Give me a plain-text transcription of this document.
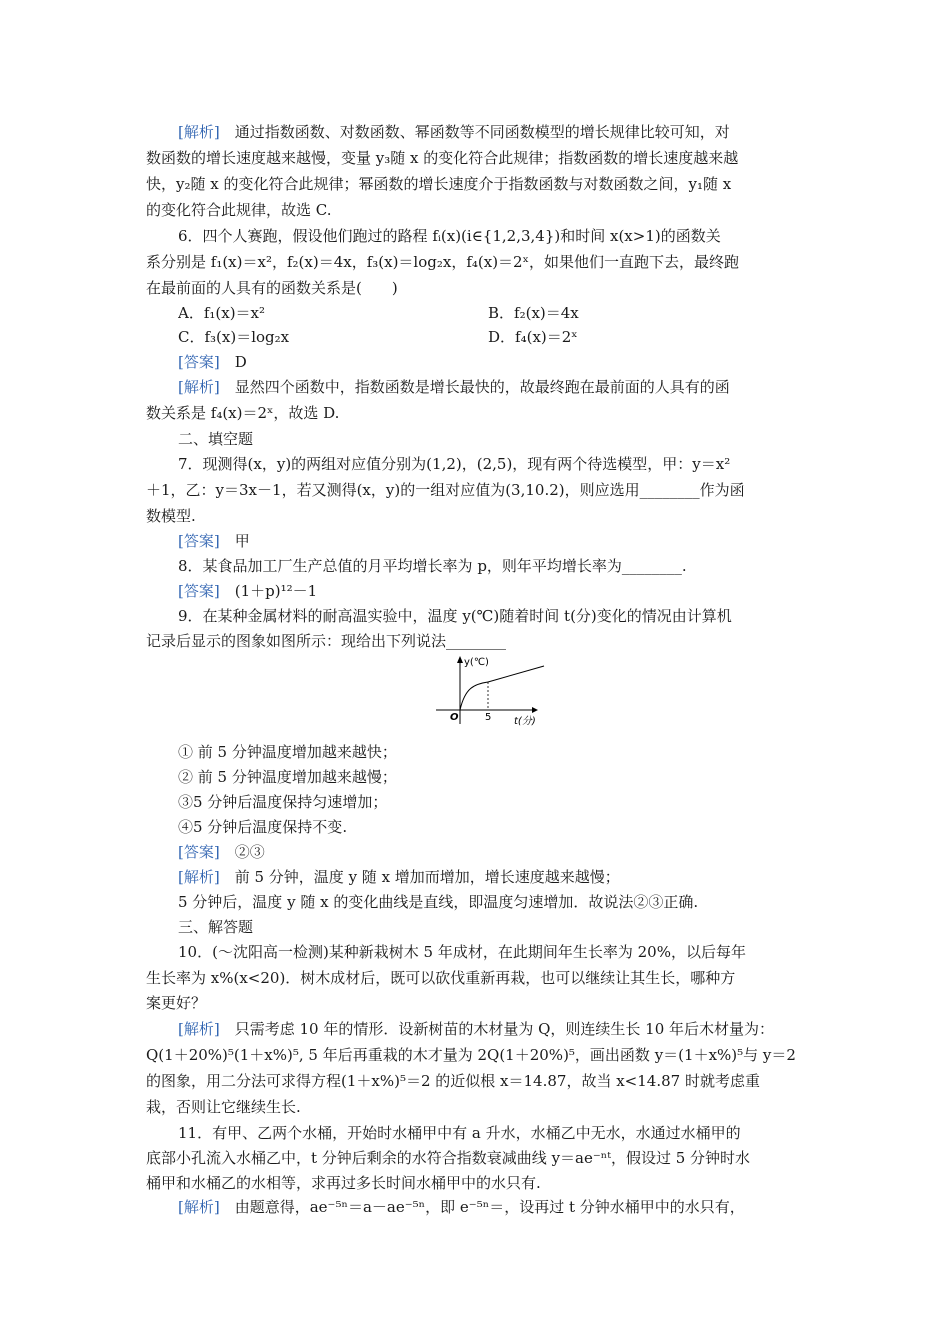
[解析]　通过指数函数、对数函数、幂函数等不同函数模型的增长规律比较可知，对
数函数的增长速度越来越慢，变量 y₃随 x 的变化符合此规律；指数函数的增长速度越来越
快，y₂随 x 的变化符合此规律；幂函数的增长速度介于指数函数与对数函数之间，y₁随 x
的变化符合此规律，故选 C.
6．四个人赛跑，假设他们跑过的路程 fᵢ(x)(i∈{1,2,3,4})和时间 x(x>1)的函数关
系分别是 f₁(x)＝x²，f₂(x)＝4x，f₃(x)＝log₂x，f₄(x)＝2ˣ，如果他们一直跑下去，最终跑
在最前面的人具有的函数关系是(　　)
A．f₁(x)＝x²	B．f₂(x)＝4x
C．f₃(x)＝log₂x	D．f₄(x)＝2ˣ
[答案]　D
[解析]　显然四个函数中，指数函数是增长最快的，故最终跑在最前面的人具有的函
数关系是 f₄(x)＝2ˣ，故选 D.
二、填空题
7．现测得(x，y)的两组对应值分别为(1,2)，(2,5)，现有两个待选模型，甲：y＝x²
＋1，乙：y＝3x－1，若又测得(x，y)的一组对应值为(3,10.2)，则应选用________作为函
数模型.
[答案]　甲
8．某食品加工厂生产总值的月平均增长率为 p，则年平均增长率为________.
[答案]　(1＋p)¹²－1
9．在某种金属材料的耐高温实验中，温度 y(℃)随着时间 t(分)变化的情况由计算机
记录后显示的图象如图所示：现给出下列说法________
y(℃)
t(分)
O	5
① 前 5 分钟温度增加越来越快；
② 前 5 分钟温度增加越来越慢；
③5 分钟后温度保持匀速增加；
④5 分钟后温度保持不变.
[答案]　②③
[解析]　前 5 分钟，温度 y 随 x 增加而增加，增长速度越来越慢；
5 分钟后，温度 y 随 x 的变化曲线是直线，即温度匀速增加．故说法②③正确.
三、解答题
10．(～沈阳高一检测)某种新栽树木 5 年成材，在此期间年生长率为 20%，以后每年
生长率为 x%(x<20)．树木成材后，既可以砍伐重新再栽，也可以继续让其生长，哪种方
案更好？
[解析]　只需考虑 10 年的情形．设新树苗的木材量为 Q，则连续生长 10 年后木材量为：
Q(1＋20%)⁵(1＋x%)⁵, 5 年后再重栽的木才量为 2Q(1＋20%)⁵，画出函数 y＝(1＋x%)⁵与 y＝2
的图象，用二分法可求得方程(1＋x%)⁵＝2 的近似根 x＝14.87，故当 x<14.87 时就考虑重
栽，否则让它继续生长.
11．有甲、乙两个水桶，开始时水桶甲中有 a 升水，水桶乙中无水，水通过水桶甲的
底部小孔流入水桶乙中，t 分钟后剩余的水符合指数衰减曲线 y＝ae⁻ⁿᵗ，假设过 5 分钟时水
桶甲和水桶乙的水相等，求再过多长时间水桶甲中的水只有.
[解析]　由题意得，ae⁻⁵ⁿ＝a－ae⁻⁵ⁿ，即 e⁻⁵ⁿ＝，设再过 t 分钟水桶甲中的水只有，
